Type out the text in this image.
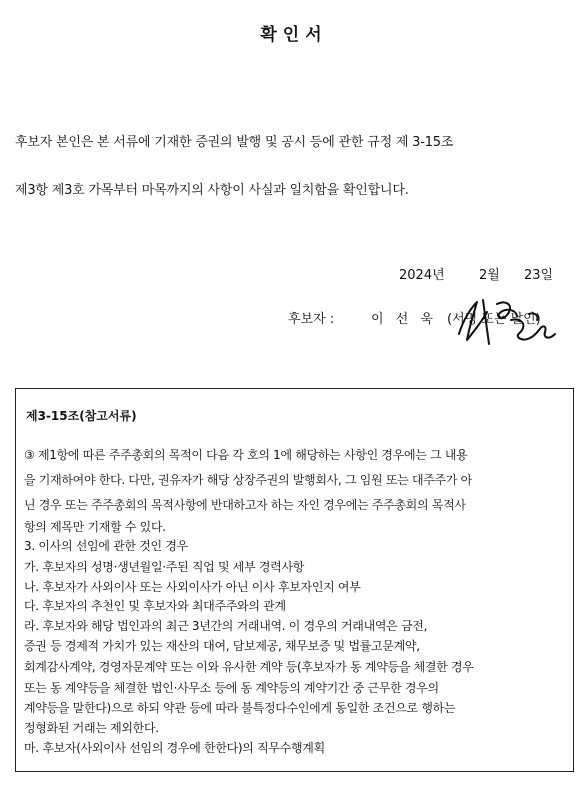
확인서
후보자 본인은 본 서류에 기재한 증권의 발행 및 공시 등에 관한 규정 제 3-15조
제3항 제3호 가목부터 마목까지의 사항이 사실과 일치함을 확인합니다.
2024년	2월 23일
후보자 :	이 선 욱 (서명 또는 날인)
제3-15조(참고서류)
③ 제1항에 따른 주주총회의 목적이 다음 각 호의 1에 해당하는 사항인 경우에는 그 내용
을 기재하여야 한다. 다만, 권유자가 해당 상장주권의 발행회사, 그 임원 또는 대주주가 아
닌 경우 또는 주주총회의 목적사항에 반대하고자 하는 자인 경우에는 주주총회의 목적사
항의 제목만 기재할 수 있다.
3. 이사의 선임에 관한 것인 경우
가. 후보자의 성명·생년월일·주된 직업 및 세부 경력사항
나. 후보자가 사외이사 또는 사외이사가 아닌 이사 후보자인지 여부
다. 후보자의 추천인 및 후보자와 최대주주와의 관계
라. 후보자와 해당 법인과의 최근 3년간의 거래내역. 이 경우의 거래내역은 금전,
증권 등 경제적 가치가 있는 재산의 대여, 담보제공, 채무보증 및 법률고문계약,
회계감사계약, 경영자문계약 또는 이와 유사한 계약 등(후보자가 동 계약등을 체결한 경우
또는 동 계약등을 체결한 법인·사무소 등에 동 계약등의 계약기간 중 근무한 경우의
계약등을 말한다)으로 하되 약관 등에 따라 불특정다수인에게 동일한 조건으로 행하는
정형화된 거래는 제외한다.
마. 후보자(사외이사 선임의 경우에 한한다)의 직무수행계획
